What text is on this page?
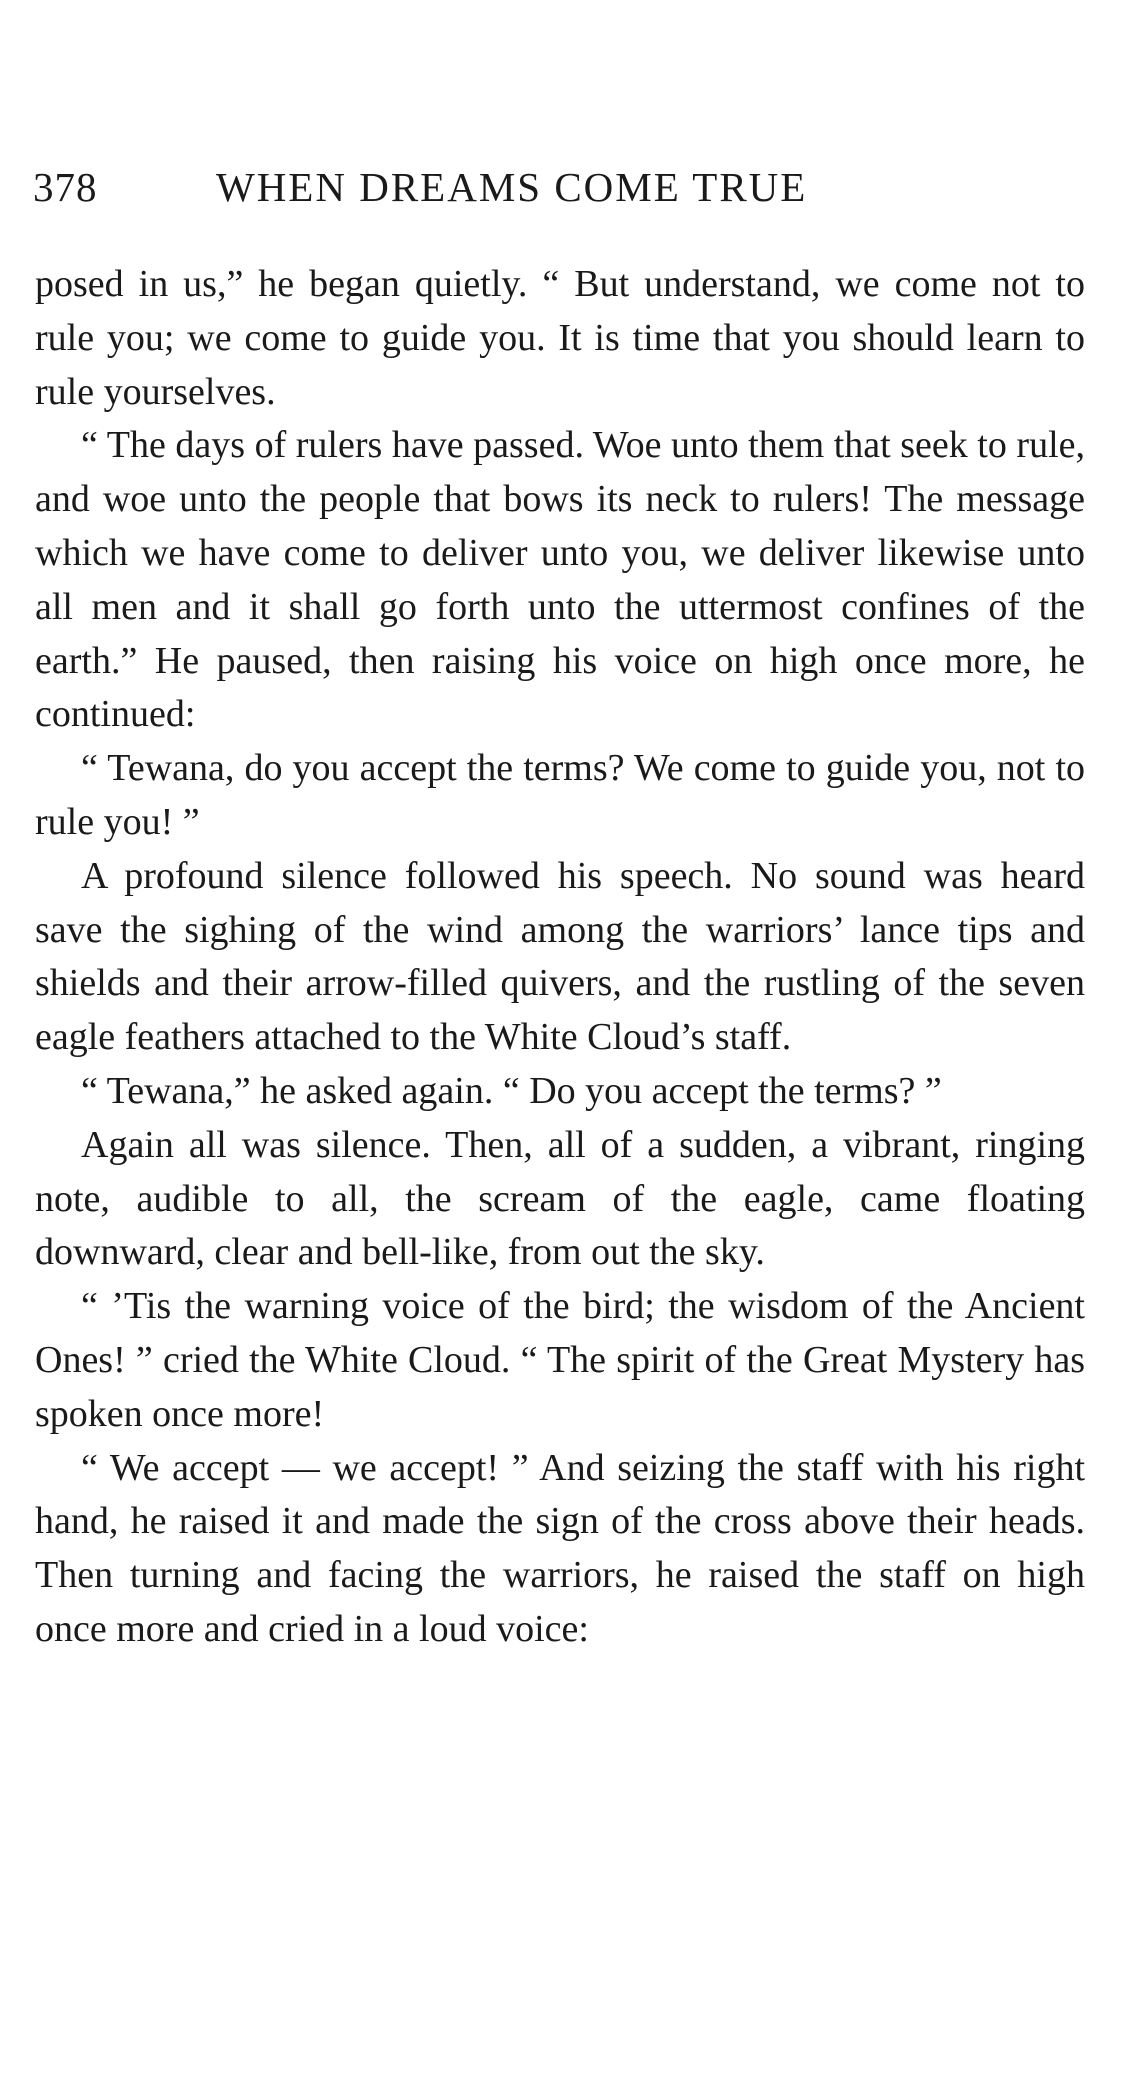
378	WHEN DREAMS COME TRUE

posed in us,” he began quietly. “ But understand, we come not to rule you; we come to guide you. It is time that you should learn to rule yourselves.

“ The days of rulers have passed. Woe unto them that seek to rule, and woe unto the people that bows its neck to rulers! The message which we have come to deliver unto you, we deliver likewise unto all men and it shall go forth unto the uttermost confines of the earth.” He paused, then raising his voice on high once more, he continued:

“ Tewana, do you accept the terms? We come to guide you, not to rule you! ”

A profound silence followed his speech. No sound was heard save the sighing of the wind among the warriors’ lance tips and shields and their arrow-filled quivers, and the rustling of the seven eagle feathers attached to the White Cloud’s staff.

“ Tewana,” he asked again. “ Do you accept the terms? ”

Again all was silence. Then, all of a sudden, a vibrant, ringing note, audible to all, the scream of the eagle, came floating downward, clear and bell-like, from out the sky.

“ ’Tis the warning voice of the bird; the wisdom of the Ancient Ones! ” cried the White Cloud. “ The spirit of the Great Mystery has spoken once more!

“ We accept — we accept! ” And seizing the staff with his right hand, he raised it and made the sign of the cross above their heads. Then turning and facing the warriors, he raised the staff on high once more and cried in a loud voice:
